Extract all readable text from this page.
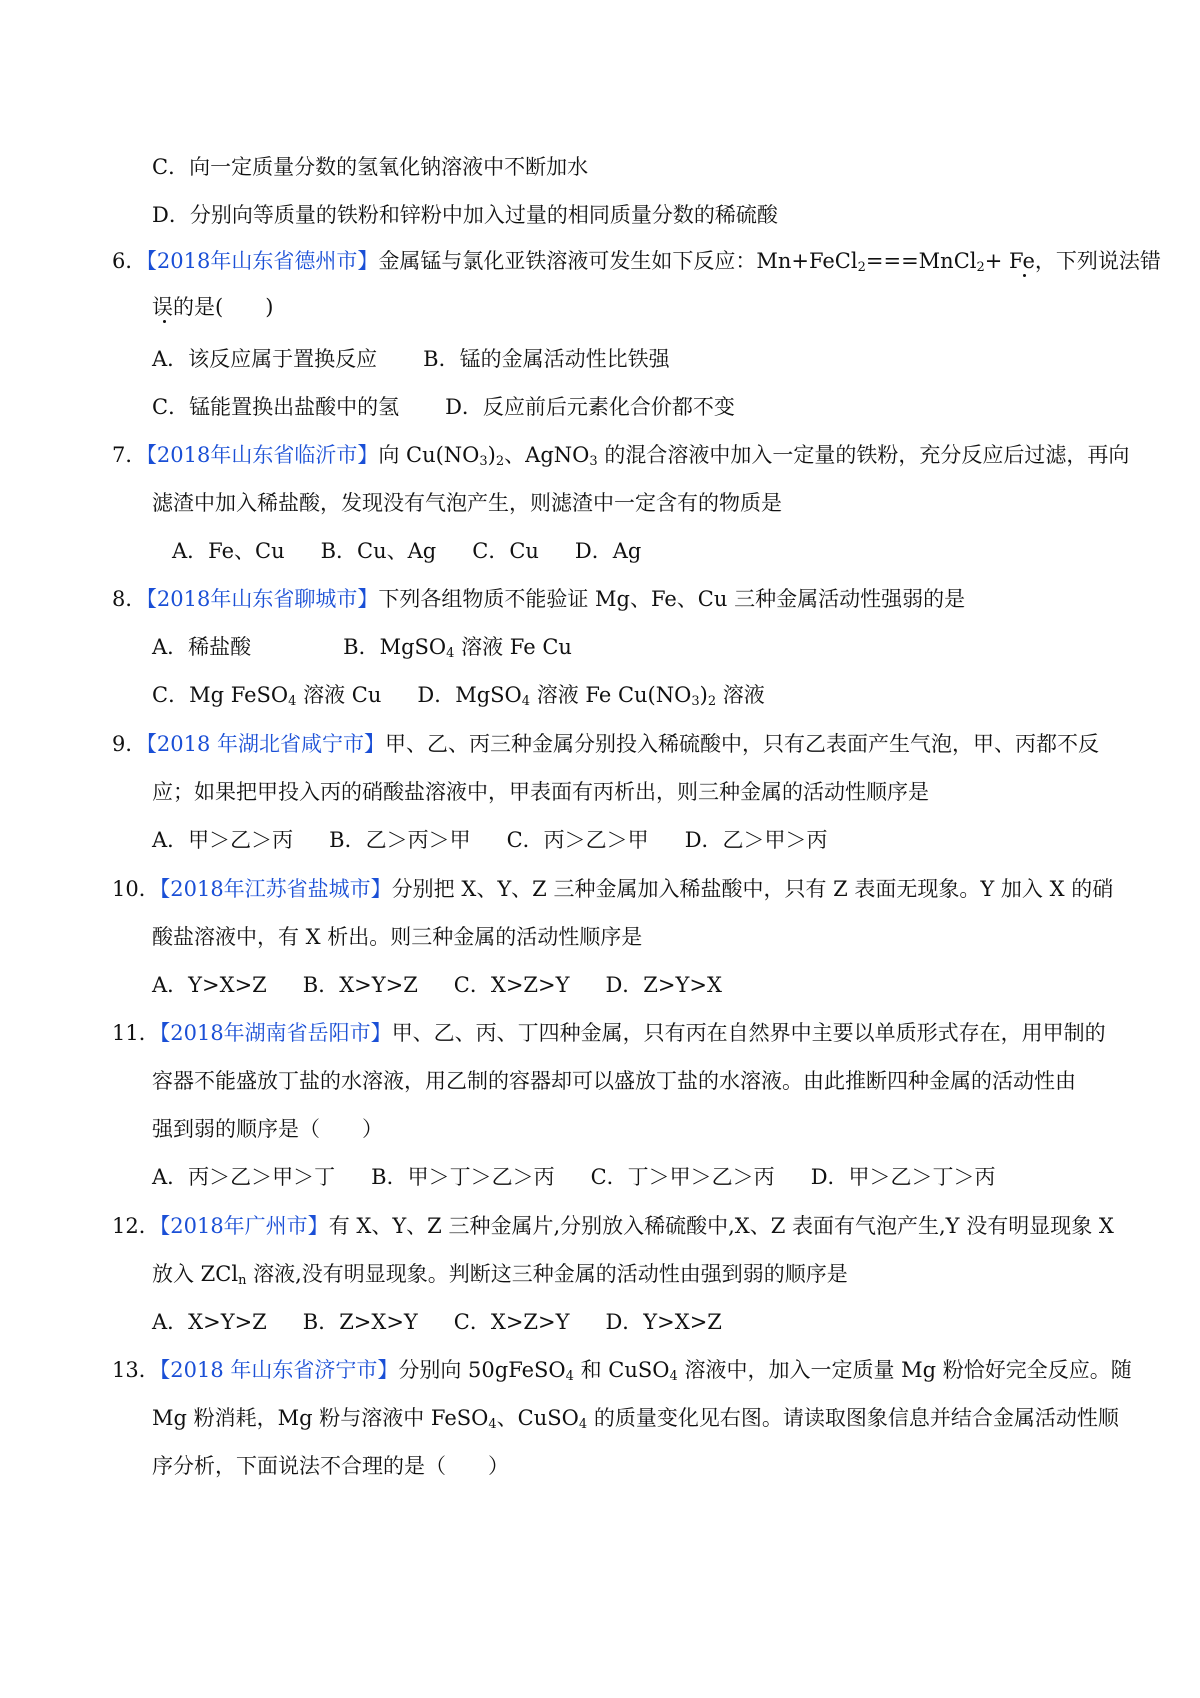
C．向一定质量分数的氢氧化钠溶液中不断加水
D．分别向等质量的铁粉和锌粉中加入过量的相同质量分数的稀硫酸
6．【2018年山东省德州市】金属锰与氯化亚铁溶液可发生如下反应：Mn+FeCl$_2$===MnCl$_2$+ Fe，下列说法错
误的是(　　)
A．该反应属于置换反应 B．锰的金属活动性比铁强
C．锰能置换出盐酸中的氢 D．反应前后元素化合价都不变
7．【2018年山东省临沂市】向 $Cu(NO_3)_2$、AgNO$_3$ 的混合溶液中加入一定量的铁粉，充分反应后过滤，再向
滤渣中加入稀盐酸，发现没有气泡产生，则滤渣中一定含有的物质是
A．Fe、Cu B．Cu、Ag C．Cu D．Ag
8．【2018年山东省聊城市】下列各组物质不能验证 Mg、Fe、Cu 三种金属活动性强弱的是
A．稀盐酸	B．MgSO$_4$ 溶液 Fe Cu
C．Mg FeSO$_4$ 溶液 Cu D．MgSO$_4$ 溶液 Fe $Cu(NO_3)_2$ 溶液
9．【2018 年湖北省咸宁市】甲、乙、丙三种金属分别投入稀硫酸中，只有乙表面产生气泡，甲、丙都不反
应；如果把甲投入丙的硝酸盐溶液中，甲表面有丙析出，则三种金属的活动性顺序是
A．甲＞乙＞丙 B．乙＞丙＞甲 C．丙＞乙＞甲 D．乙＞甲＞丙
10．【2018年江苏省盐城市】分别把 X、Y、Z 三种金属加入稀盐酸中，只有 Z 表面无现象。Y 加入 X 的硝
酸盐溶液中，有 X 析出。则三种金属的活动性顺序是
A．Y>X>Z B．X>Y>Z C．X>Z>Y D．Z>Y>X
11．【2018年湖南省岳阳市】甲、乙、丙、丁四种金属，只有丙在自然界中主要以单质形式存在，用甲制的
容器不能盛放丁盐的水溶液，用乙制的容器却可以盛放丁盐的水溶液。由此推断四种金属的活动性由
强到弱的顺序是（　　）
A．丙＞乙＞甲＞丁 B．甲＞丁＞乙＞丙 C．丁＞甲＞乙＞丙 D．甲＞乙＞丁＞丙
12．【2018年广州市】有 X、Y、Z 三种金属片,分别放入稀硫酸中,X、Z 表面有气泡产生,Y 没有明显现象 X
放入 ZCl$_n$ 溶液,没有明显现象。判断这三种金属的活动性由强到弱的顺序是
A．X>Y>Z B．Z>X>Y C．X>Z>Y D．Y>X>Z
13．【2018 年山东省济宁市】分别向 50gFeSO$_4$ 和 CuSO$_4$ 溶液中，加入一定质量 Mg 粉恰好完全反应。随
Mg 粉消耗，Mg 粉与溶液中 FeSO$_4$、CuSO$_4$ 的质量变化见右图。请读取图象信息并结合金属活动性顺
序分析，下面说法不合理的是（　　）
